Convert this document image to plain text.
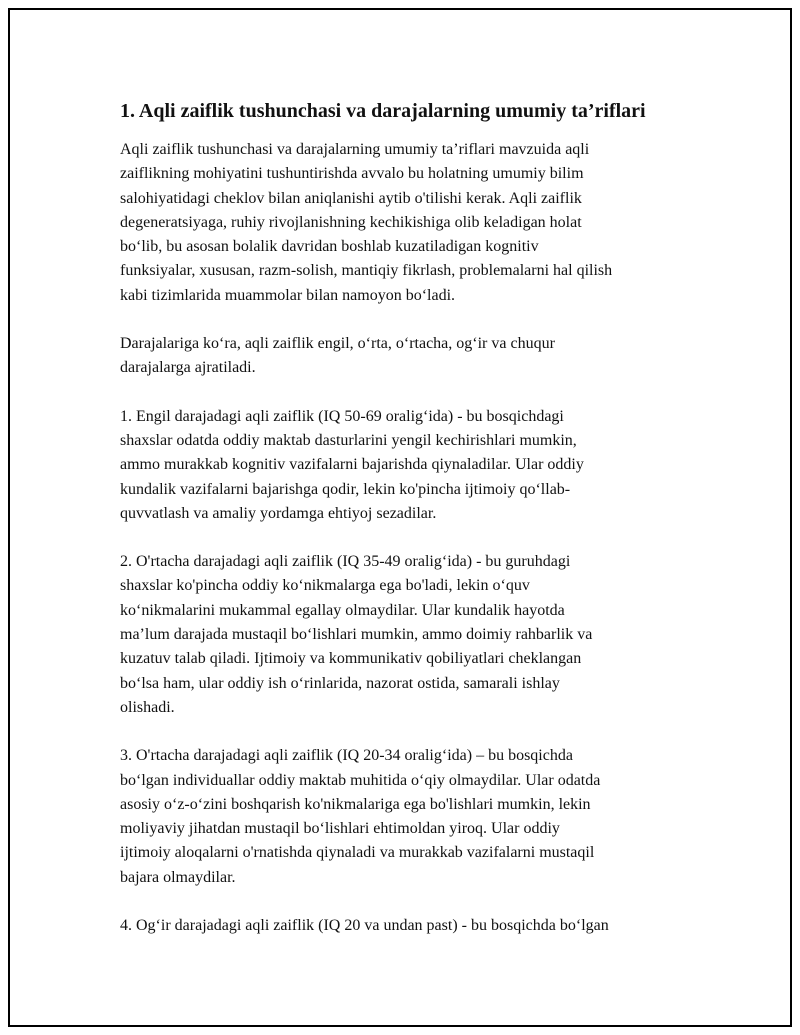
1. Aqli zaiflik tushunchasi va darajalarning umumiy ta’riflari

Aqli zaiflik tushunchasi va darajalarning umumiy ta’riflari mavzuida aqli
zaiflikning mohiyatini tushuntirishda avvalo bu holatning umumiy bilim
salohiyatidagi cheklov bilan aniqlanishi aytib o'tilishi kerak. Aqli zaiflik
degeneratsiyaga, ruhiy rivojlanishning kechikishiga olib keladigan holat
bo‘lib, bu asosan bolalik davridan boshlab kuzatiladigan kognitiv
funksiyalar, xususan, razm-solish, mantiqiy fikrlash, problemalarni hal qilish
kabi tizimlarida muammolar bilan namoyon bo‘ladi.

Darajalariga ko‘ra, aqli zaiflik engil, o‘rta, o‘rtacha, og‘ir va chuqur
darajalarga ajratiladi.

1. Engil darajadagi aqli zaiflik (IQ 50-69 oralig‘ida) - bu bosqichdagi
shaxslar odatda oddiy maktab dasturlarini yengil kechirishlari mumkin,
ammo murakkab kognitiv vazifalarni bajarishda qiynaladilar. Ular oddiy
kundalik vazifalarni bajarishga qodir, lekin ko'pincha ijtimoiy qo‘llab-
quvvatlash va amaliy yordamga ehtiyoj sezadilar.

2. O'rtacha darajadagi aqli zaiflik (IQ 35-49 oralig‘ida) - bu guruhdagi
shaxslar ko'pincha oddiy ko‘nikmalarga ega bo'ladi, lekin o‘quv
ko‘nikmalarini mukammal egallay olmaydilar. Ular kundalik hayotda
ma’lum darajada mustaqil bo‘lishlari mumkin, ammo doimiy rahbarlik va
kuzatuv talab qiladi. Ijtimoiy va kommunikativ qobiliyatlari cheklangan
bo‘lsa ham, ular oddiy ish o‘rinlarida, nazorat ostida, samarali ishlay
olishadi.

3. O'rtacha darajadagi aqli zaiflik (IQ 20-34 oralig‘ida) – bu bosqichda
bo‘lgan individuallar oddiy maktab muhitida o‘qiy olmaydilar. Ular odatda
asosiy o‘z-o‘zini boshqarish ko'nikmalariga ega bo'lishlari mumkin, lekin
moliyaviy jihatdan mustaqil bo‘lishlari ehtimoldan yiroq. Ular oddiy
ijtimoiy aloqalarni o'rnatishda qiynaladi va murakkab vazifalarni mustaqil
bajara olmaydilar.

4. Og‘ir darajadagi aqli zaiflik (IQ 20 va undan past) - bu bosqichda bo‘lgan
